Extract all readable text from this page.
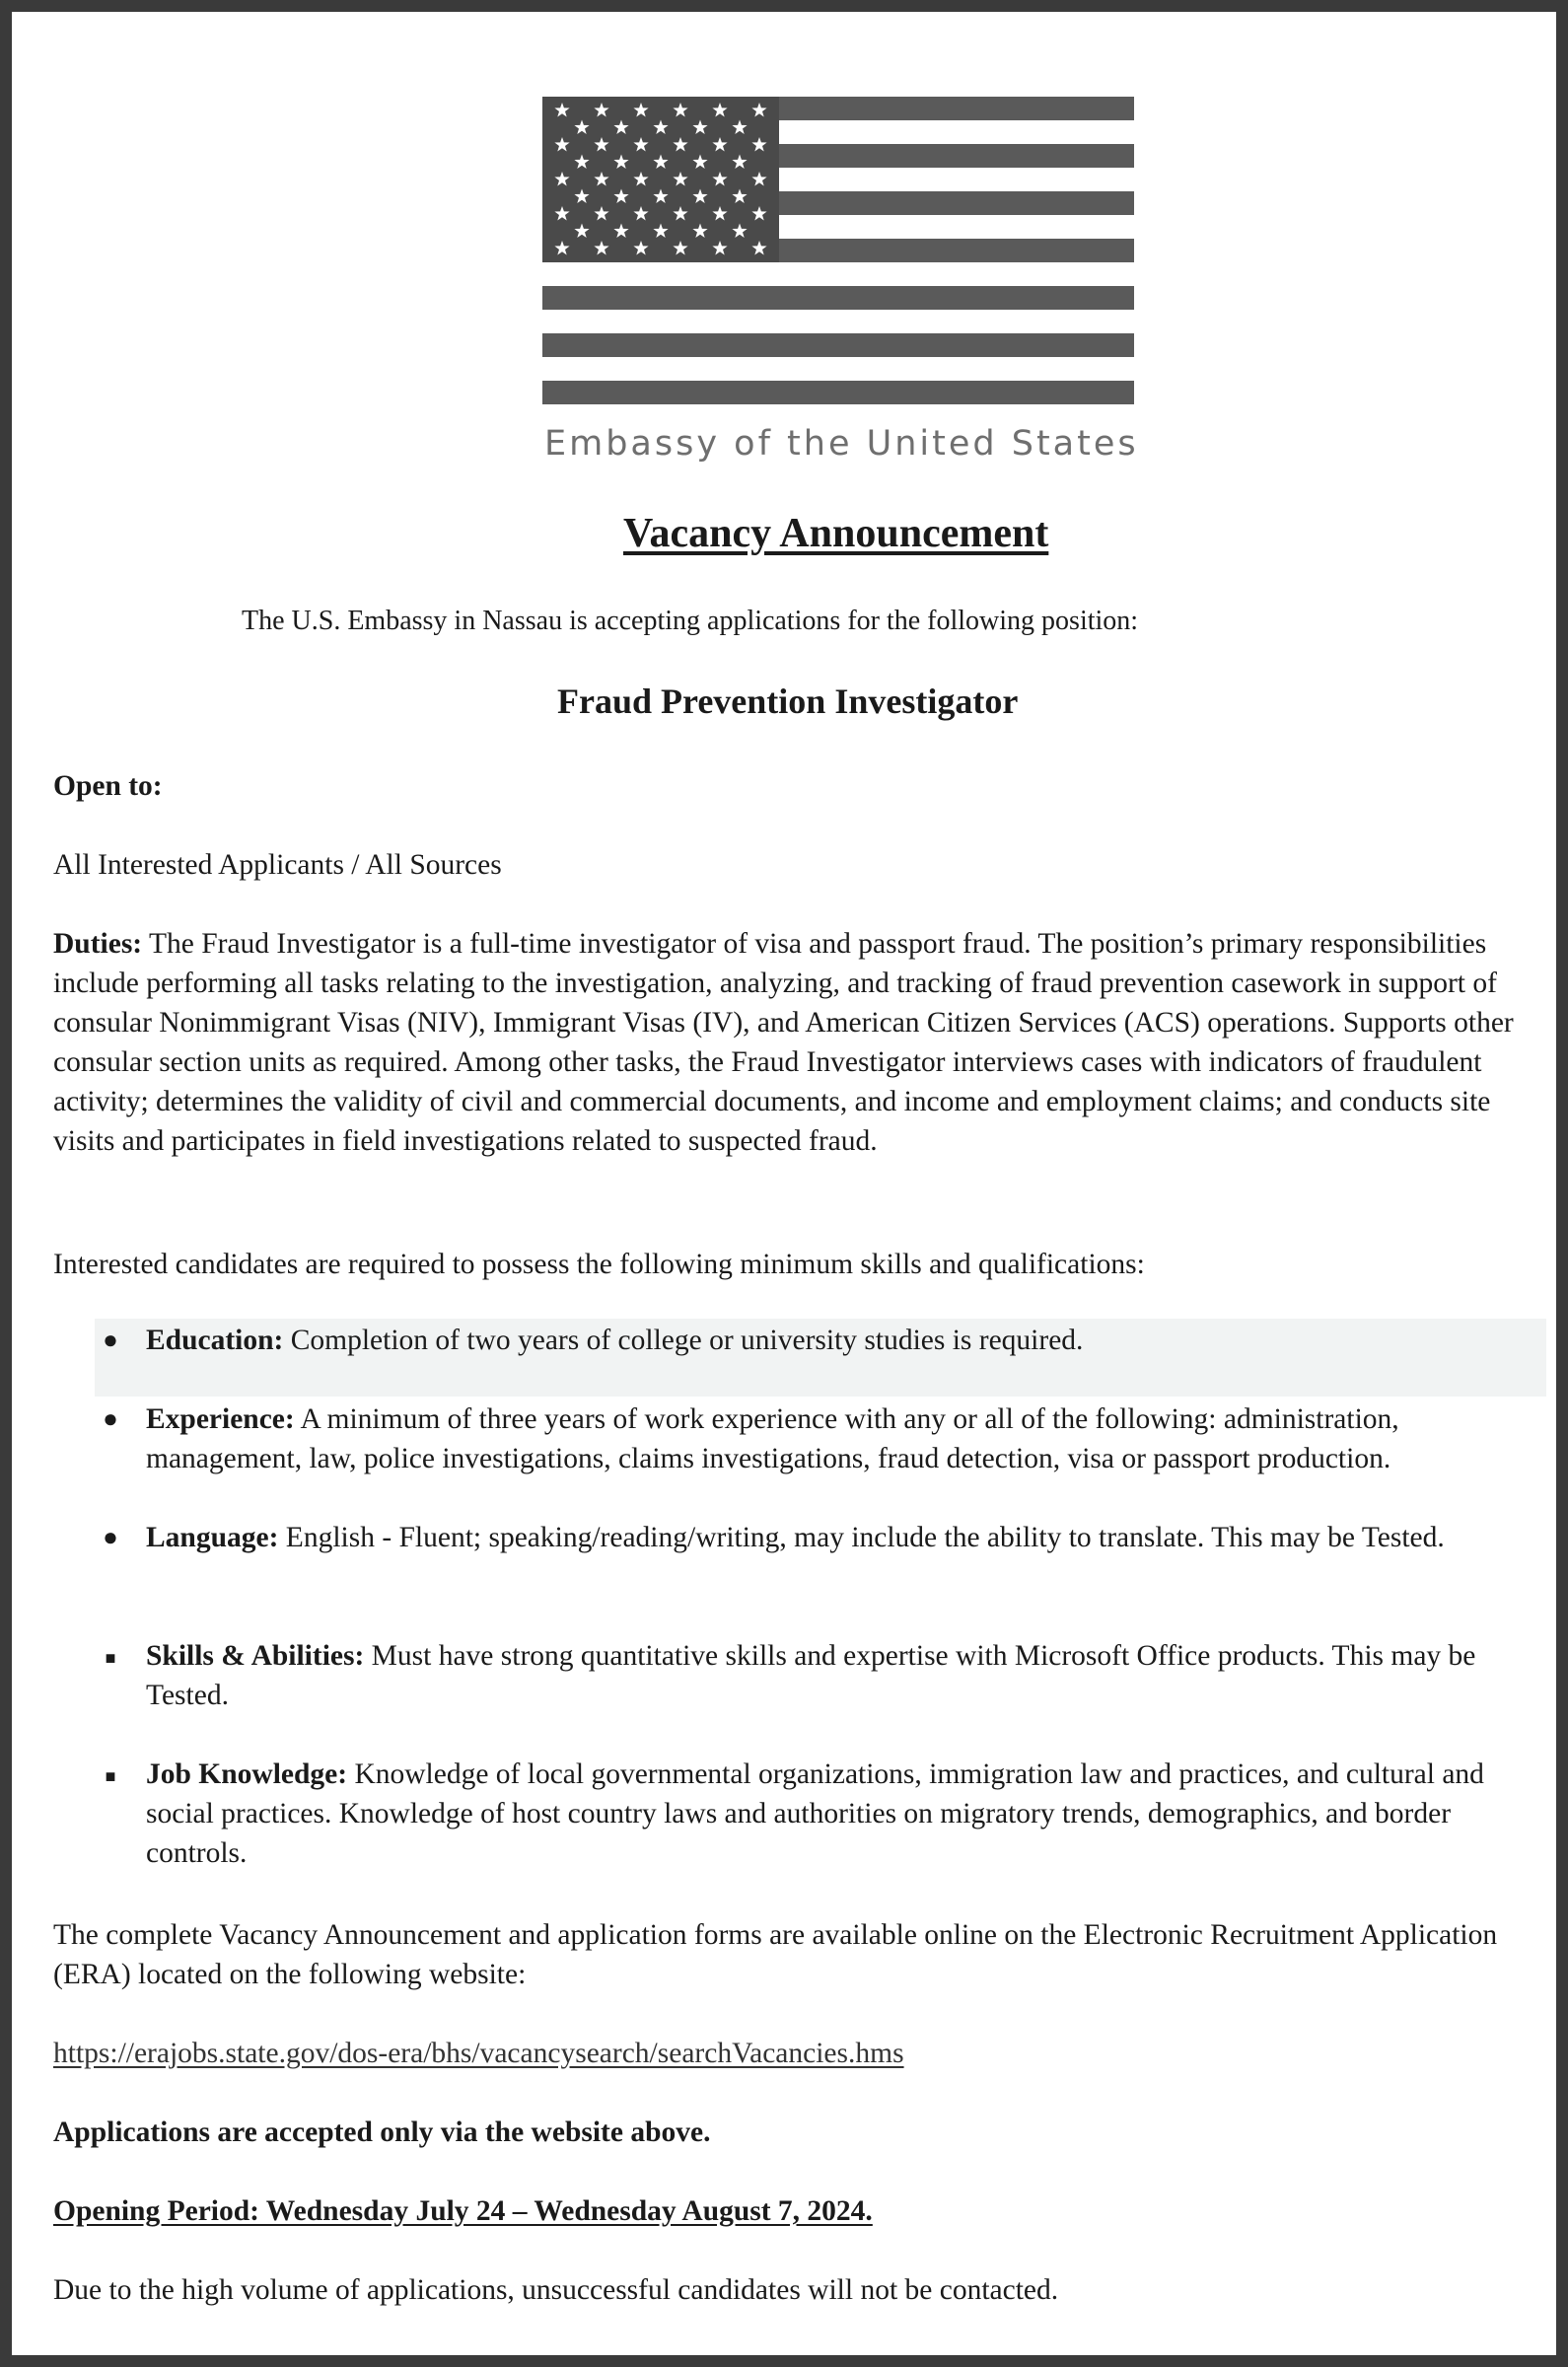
Embassy of the United States
Vacancy Announcement
The U.S. Embassy in Nassau is accepting applications for the following position:
Fraud Prevention Investigator
Open to:
All Interested Applicants / All Sources
Duties: The Fraud Investigator is a full-time investigator of visa and passport fraud. The position’s primary responsibilities include performing all tasks relating to the investigation, analyzing, and tracking of fraud prevention casework in support of consular Nonimmigrant Visas (NIV), Immigrant Visas (IV), and American Citizen Services (ACS) operations. Supports other consular section units as required. Among other tasks, the Fraud Investigator interviews cases with indicators of fraudulent activity; determines the validity of civil and commercial documents, and income and employment claims; and conducts site visits and participates in field investigations related to suspected fraud.
Interested candidates are required to possess the following minimum skills and qualifications:
● Education: Completion of two years of college or university studies is required.
● Experience: A minimum of three years of work experience with any or all of the following: administration, management, law, police investigations, claims investigations, fraud detection, visa or passport production.
● Language: English - Fluent; speaking/reading/writing, may include the ability to translate. This may be Tested.
■ Skills & Abilities: Must have strong quantitative skills and expertise with Microsoft Office products. This may be Tested.
■ Job Knowledge: Knowledge of local governmental organizations, immigration law and practices, and cultural and social practices. Knowledge of host country laws and authorities on migratory trends, demographics, and border controls.
The complete Vacancy Announcement and application forms are available online on the Electronic Recruitment Application (ERA) located on the following website:
https://erajobs.state.gov/dos-era/bhs/vacancysearch/searchVacancies.hms
Applications are accepted only via the website above.
Opening Period: Wednesday July 24 – Wednesday August 7, 2024.
Due to the high volume of applications, unsuccessful candidates will not be contacted.
